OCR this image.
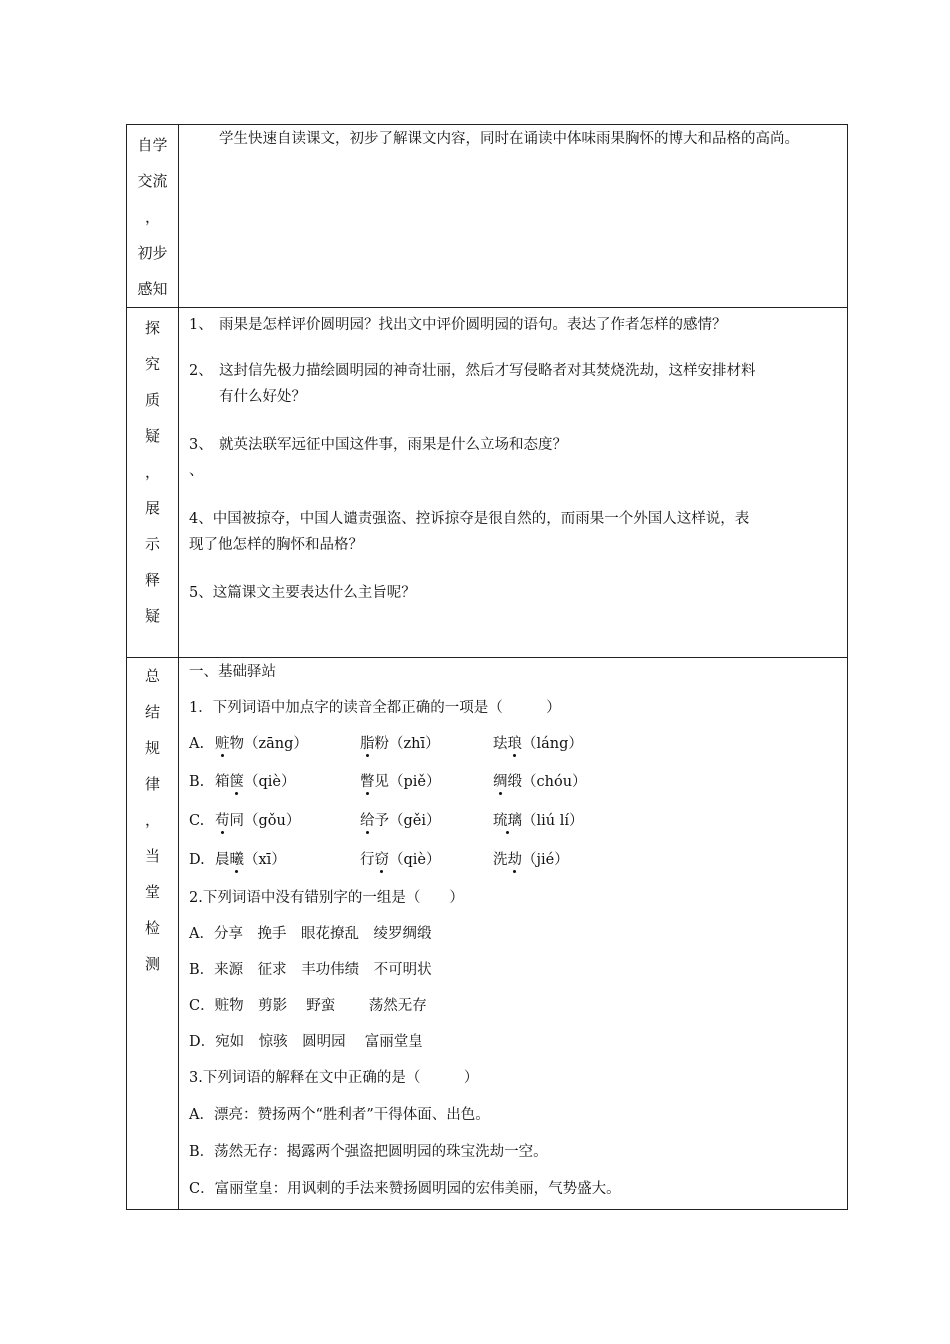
自学
交流
，
初步
感知
学生快速自读课文，初步了解课文内容，同时在诵读中体味雨果胸怀的博大和品格的高尚。
探
究
质
疑
，
展
示
释
疑
1、 雨果是怎样评价圆明园？找出文中评价圆明园的语句。表达了作者怎样的感情？
2、 这封信先极力描绘圆明园的神奇壮丽，然后才写侵略者对其焚烧洗劫，这样安排材料
有什么好处？
3、 就英法联军远征中国这件事，雨果是什么立场和态度？
、
4、中国被掠夺，中国人谴责强盗、控诉掠夺是很自然的，而雨果一个外国人这样说，表
现了他怎样的胸怀和品格？
5、这篇课文主要表达什么主旨呢？
总
结
规
律
，
当
堂
检
测
一、基础驿站
1．下列词语中加点字的读音全都正确的一项是（　　　）
A. 赃物（zāng）	脂粉（zhī）	珐琅（láng）
B. 箱箧（qiè）	瞥见（piě）	绸缎（chóu）
C. 苟同（gǒu）	给予（gěi）	琉璃（liú lí）
D. 晨曦（xī）	行窃（qiè）	洗劫（jié）
2.下列词语中没有错别字的一组是（　　）
A．分享　挽手　眼花撩乱　绫罗绸缎
B．来源　征求　丰功伟绩　不可明状
C．赃物　剪影　 野蛮　　 荡然无存
D．宛如　惊骇　圆明园　 富丽堂皇
3.下列词语的解释在文中正确的是（　　　）
A．漂亮：赞扬两个“胜利者”干得体面、出色。
B．荡然无存：揭露两个强盗把圆明园的珠宝洗劫一空。
C．富丽堂皇：用讽刺的手法来赞扬圆明园的宏伟美丽，气势盛大。
